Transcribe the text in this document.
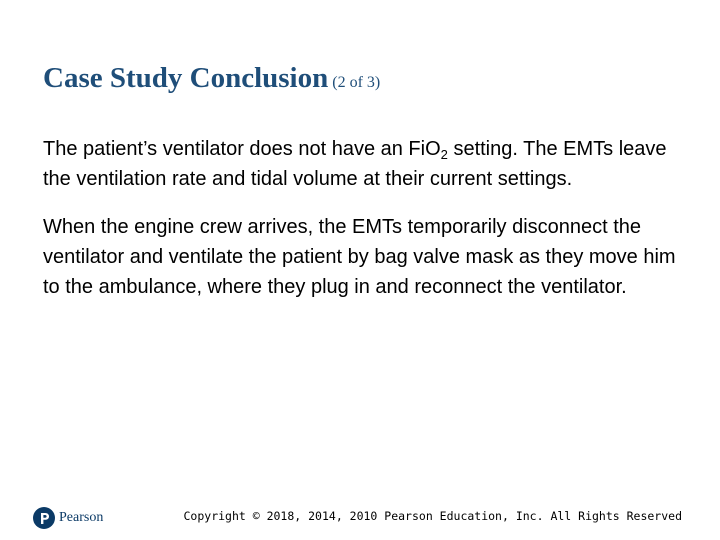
Case Study Conclusion (2 of 3)

The patient’s ventilator does not have an FiO$_2$ setting. The EMTs leave the ventilation rate and tidal volume at their current settings.

When the engine crew arrives, the EMTs temporarily disconnect the ventilator and ventilate the patient by bag valve mask as they move him to the ambulance, where they plug in and reconnect the ventilator.

Pearson	Copyright © 2018, 2014, 2010 Pearson Education, Inc. All Rights Reserved
